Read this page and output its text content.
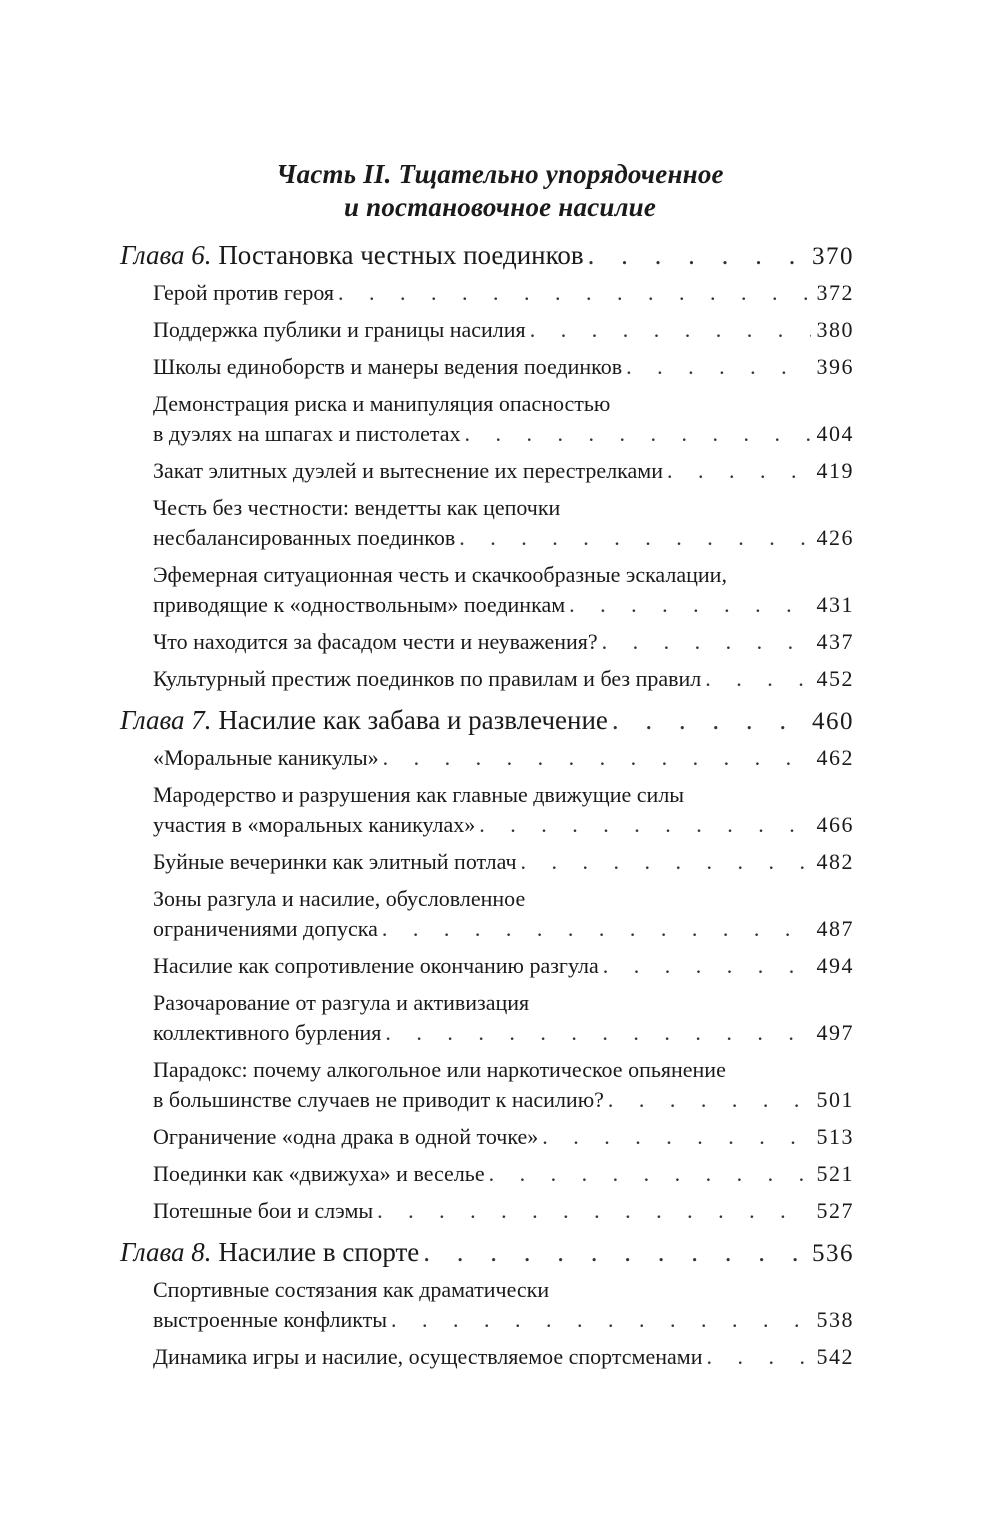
Часть II. Тщательно упорядоченное
и постановочное насилие
Глава 6. Постановка честных поединков . . .	370
Герой против героя . . .	372
Поддержка публики и границы насилия . . .	380
Школы единоборств и манеры ведения поединков . . .	396
Демонстрация риска и манипуляция опасностью
в дуэлях на шпагах и пистолетах . . .	404
Закат элитных дуэлей и вытеснение их перестрелками . . .	419
Честь без честности: вендетты как цепочки
несбалансированных поединков . . .	426
Эфемерная ситуационная честь и скачкообразные эскалации,
приводящие к «одноствольным» поединкам . . .	431
Что находится за фасадом чести и неуважения? . . .	437
Культурный престиж поединков по правилам и без правил . . .	452
Глава 7. Насилие как забава и развлечение . . .	460
«Моральные каникулы» . . .	462
Мародерство и разрушения как главные движущие силы
участия в «моральных каникулах» . . .	466
Буйные вечеринки как элитный потлач . . .	482
Зоны разгула и насилие, обусловленное
ограничениями допуска . . .	487
Насилие как сопротивление окончанию разгула . . .	494
Разочарование от разгула и активизация
коллективного бурления . . .	497
Парадокс: почему алкогольное или наркотическое опьянение
в большинстве случаев не приводит к насилию? . . .	501
Ограничение «одна драка в одной точке» . . .	513
Поединки как «движуха» и веселье . . .	521
Потешные бои и слэмы . . .	527
Глава 8. Насилие в спорте . . .	536
Спортивные состязания как драматически
выстроенные конфликты . . .	538
Динамика игры и насилие, осуществляемое спортсменами . . .	542
